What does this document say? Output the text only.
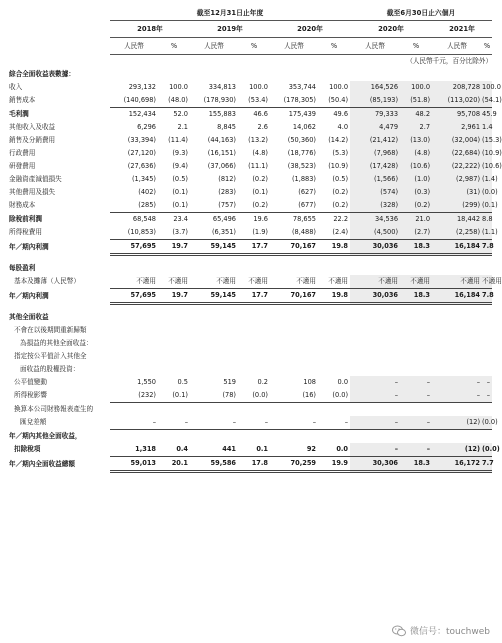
	截至12月31日止年度						截至6月30日止六個月				
	2018年		2019年		2020年		2020年		2021年		
	人民幣	%	人民幣	%	人民幣	%	人民幣	%	人民幣	%	
	（人民幣千元，百分比除外）										
綜合全面收益表數據：											
收入	293,132	100.0	334,813	100.0	353,744	100.0	164,526	100.0	208,728	100.0	
銷售成本	(140,698)	(48.0)	(178,930)	(53.4)	(178,305)	(50.4)	(85,193)	(51.8)	(113,020)	(54.1)	
毛利潤	152,434	52.0	155,883	46.6	175,439	49.6	79,333	48.2	95,708	45.9	
其他收入及收益	6,296	2.1	8,845	2.6	14,062	4.0	4,479	2.7	2,961	1.4	
銷售及分銷費用	(33,394)	(11.4)	(44,163)	(13.2)	(50,360)	(14.2)	(21,412)	(13.0)	(32,004)	(15.3)	
行政費用	(27,120)	(9.3)	(16,151)	(4.8)	(18,776)	(5.3)	(7,968)	(4.8)	(22,684)	(10.9)	
研發費用	(27,636)	(9.4)	(37,066)	(11.1)	(38,523)	(10.9)	(17,428)	(10.6)	(22,222)	(10.6)	
金融資產減值損失	(1,345)	(0.5)	(812)	(0.2)	(1,883)	(0.5)	(1,566)	(1.0)	(2,987)	(1.4)	
其他費用及損失	(402)	(0.1)	(283)	(0.1)	(627)	(0.2)	(574)	(0.3)	(31)	(0.0)	
財務成本	(285)	(0.1)	(757)	(0.2)	(677)	(0.2)	(328)	(0.2)	(299)	(0.1)	
除稅前利潤	68,548	23.4	65,496	19.6	78,655	22.2	34,536	21.0	18,442	8.8	
所得稅費用	(10,853)	(3.7)	(6,351)	(1.9)	(8,488)	(2.4)	(4,500)	(2.7)	(2,258)	(1.1)	
年／期內利潤	57,695	19.7	59,145	17.7	70,167	19.8	30,036	18.3	16,184	7.8	

每股盈利											
基本及攤薄（人民幣）	不適用	不適用	不適用	不適用	不適用	不適用	不適用	不適用	不適用	不適用	
年／期內利潤	57,695	19.7	59,145	17.7	70,167	19.8	30,036	18.3	16,184	7.8	

其他全面收益											
不會在以後期間重新歸類											
為損益的其他全面收益：											
指定按公平值計入其他全											
面收益的股權投資：											
公平值變動	1,550	0.5	519	0.2	108	0.0	–	–	–	–	
所得稅影響	(232)	(0.1)	(78)	(0.0)	(16)	(0.0)	–	–	–	–	
換算本公司財務報表產生的											
匯兌差額	–	–	–	–	–	–	–	–	(12)	(0.0)	
年／期內其他全面收益，											
扣除稅項	1,318	0.4	441	0.1	92	0.0	–	–	(12)	(0.0)	
年／期內全面收益總額	59,013	20.1	59,586	17.8	70,259	19.9	30,306	18.3	16,172	7.7	
微信号：touchweb
